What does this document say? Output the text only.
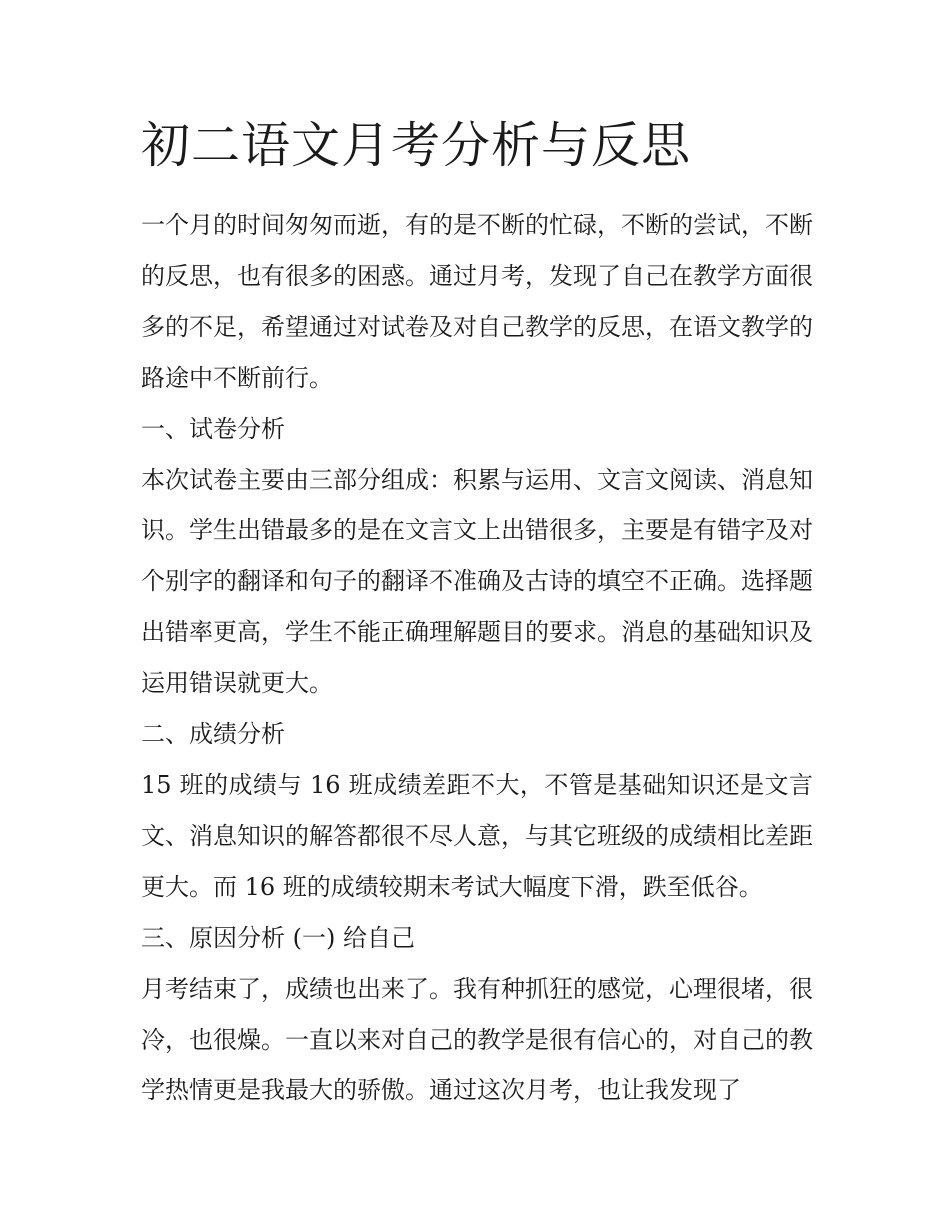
初二语文月考分析与反思

一个月的时间匆匆而逝，有的是不断的忙碌，不断的尝试，不断的反思，也有很多的困惑。通过月考，发现了自己在教学方面很多的不足，希望通过对试卷及对自己教学的反思，在语文教学的路途中不断前行。

一、试卷分析

本次试卷主要由三部分组成：积累与运用、文言文阅读、消息知识。学生出错最多的是在文言文上出错很多，主要是有错字及对个别字的翻译和句子的翻译不准确及古诗的填空不正确。选择题出错率更高，学生不能正确理解题目的要求。消息的基础知识及运用错误就更大。

二、成绩分析

15 班的成绩与 16 班成绩差距不大，不管是基础知识还是文言文、消息知识的解答都很不尽人意，与其它班级的成绩相比差距更大。而 16 班的成绩较期末考试大幅度下滑，跌至低谷。

三、原因分析 (一) 给自己

月考结束了，成绩也出来了。我有种抓狂的感觉，心理很堵，很冷，也很燥。一直以来对自己的教学是很有信心的，对自己的教学热情更是我最大的骄傲。通过这次月考，也让我发现了
